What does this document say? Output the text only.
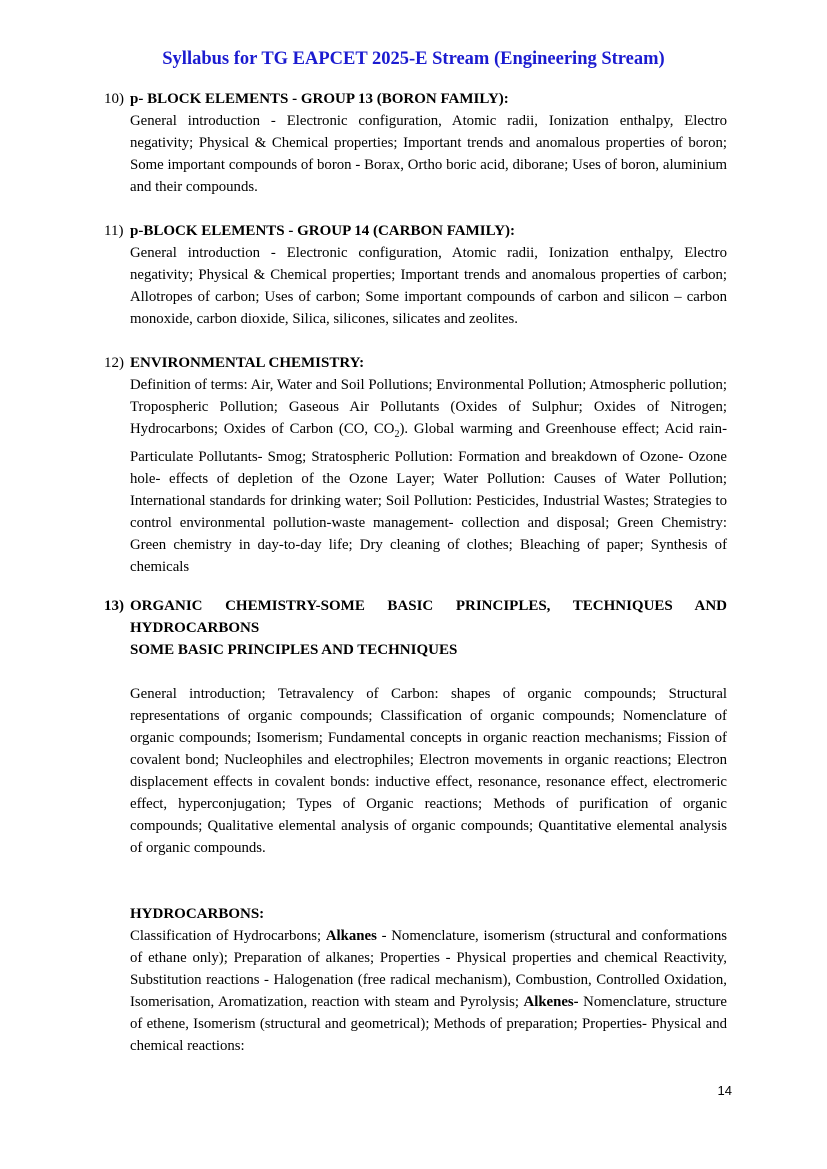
Syllabus for TG EAPCET 2025-E Stream (Engineering Stream)
10) p- BLOCK ELEMENTS - GROUP 13 (BORON FAMILY):
General introduction - Electronic configuration, Atomic radii, Ionization enthalpy, Electro negativity; Physical & Chemical properties; Important trends and anomalous properties of boron; Some important compounds of boron - Borax, Ortho boric acid, diborane; Uses of boron, aluminium and their compounds.
11) p-BLOCK ELEMENTS - GROUP 14 (CARBON FAMILY):
General introduction - Electronic configuration, Atomic radii, Ionization enthalpy, Electro negativity; Physical & Chemical properties; Important trends and anomalous properties of carbon; Allotropes of carbon; Uses of carbon; Some important compounds of carbon and silicon – carbon monoxide, carbon dioxide, Silica, silicones, silicates and zeolites.
12) ENVIRONMENTAL CHEMISTRY:
Definition of terms: Air, Water and Soil Pollutions; Environmental Pollution; Atmospheric pollution; Tropospheric Pollution; Gaseous Air Pollutants (Oxides of Sulphur; Oxides of Nitrogen; Hydrocarbons; Oxides of Carbon (CO, $CO_2$). Global warming and Greenhouse effect; Acid rain- Particulate Pollutants- Smog; Stratospheric Pollution: Formation and breakdown of Ozone- Ozone hole- effects of depletion of the Ozone Layer; Water Pollution: Causes of Water Pollution; International standards for drinking water; Soil Pollution: Pesticides, Industrial Wastes; Strategies to control environmental pollution-waste management- collection and disposal; Green Chemistry: Green chemistry in day-to-day life; Dry cleaning of clothes; Bleaching of paper; Synthesis of chemicals
13) ORGANIC CHEMISTRY-SOME BASIC PRINCIPLES, TECHNIQUES AND HYDROCARBONS
SOME BASIC PRINCIPLES AND TECHNIQUES
General introduction; Tetravalency of Carbon: shapes of organic compounds; Structural representations of organic compounds; Classification of organic compounds; Nomenclature of organic compounds; Isomerism; Fundamental concepts in organic reaction mechanisms; Fission of covalent bond; Nucleophiles and electrophiles; Electron movements in organic reactions; Electron displacement effects in covalent bonds: inductive effect, resonance, resonance effect, electromeric effect, hyperconjugation; Types of Organic reactions; Methods of purification of organic compounds; Qualitative elemental analysis of organic compounds; Quantitative elemental analysis of organic compounds.
HYDROCARBONS:
Classification of Hydrocarbons; Alkanes - Nomenclature, isomerism (structural and conformations of ethane only); Preparation of alkanes; Properties - Physical properties and chemical Reactivity, Substitution reactions - Halogenation (free radical mechanism), Combustion, Controlled Oxidation, Isomerisation, Aromatization, reaction with steam and Pyrolysis; Alkenes- Nomenclature, structure of ethene, Isomerism (structural and geometrical); Methods of preparation; Properties- Physical and chemical reactions:
14
